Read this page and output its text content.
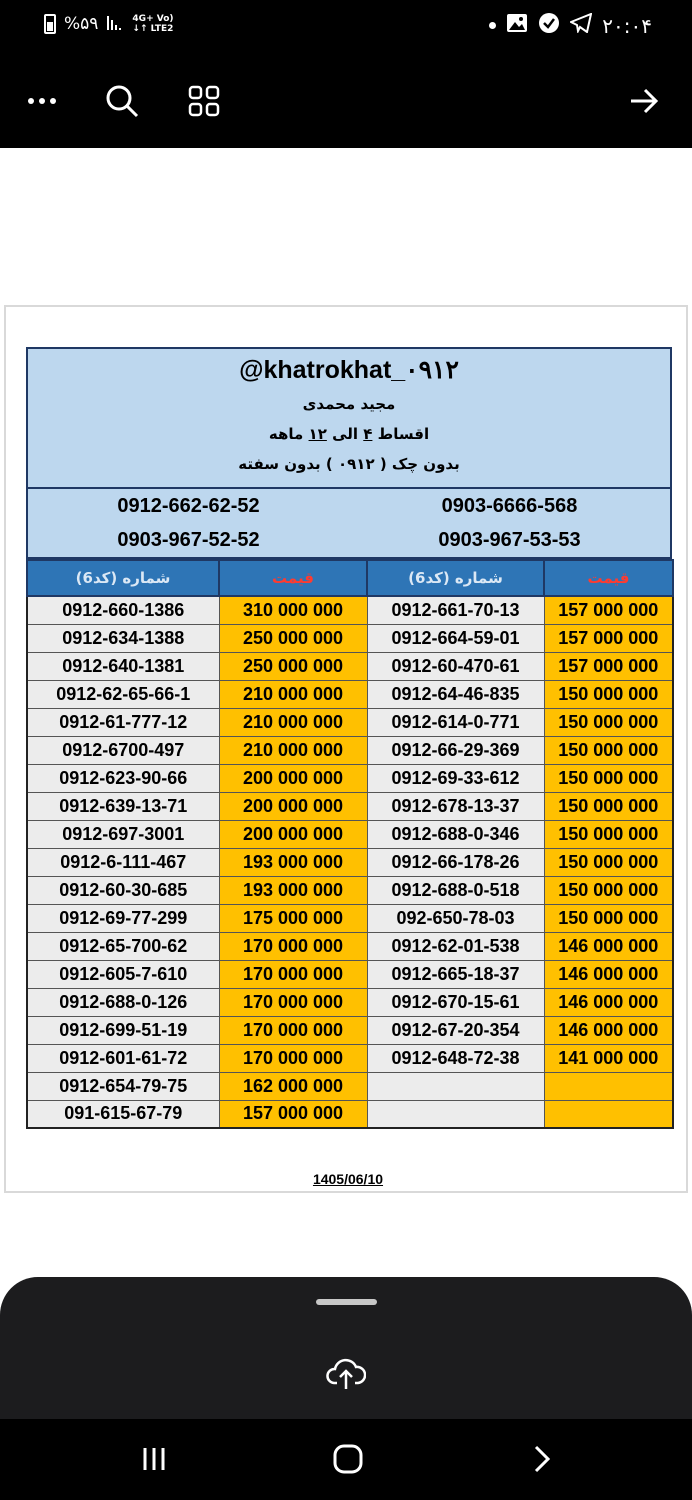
%۵۹	4G+ Vo)
↓↑ LTE2	۲۰:۰۴
@khatrokhat_۰۹۱۲
مجید محمدی
اقساط ۴ الی ۱۲ ماهه
بدون چک ( ۰۹۱۲ ) بدون سفته
0912-662-62-52	0903-6666-568
0903-967-52-52	0903-967-53-53
شماره (کد6)	قیمت	شماره (کد6)	قیمت
0912-660-1386	310 000 000	0912-661-70-13	157 000 000
0912-634-1388	250 000 000	0912-664-59-01	157 000 000
0912-640-1381	250 000 000	0912-60-470-61	157 000 000
0912-62-65-66-1	210 000 000	0912-64-46-835	150 000 000
0912-61-777-12	210 000 000	0912-614-0-771	150 000 000
0912-6700-497	210 000 000	0912-66-29-369	150 000 000
0912-623-90-66	200 000 000	0912-69-33-612	150 000 000
0912-639-13-71	200 000 000	0912-678-13-37	150 000 000
0912-697-3001	200 000 000	0912-688-0-346	150 000 000
0912-6-111-467	193 000 000	0912-66-178-26	150 000 000
0912-60-30-685	193 000 000	0912-688-0-518	150 000 000
0912-69-77-299	175 000 000	092-650-78-03	150 000 000
0912-65-700-62	170 000 000	0912-62-01-538	146 000 000
0912-605-7-610	170 000 000	0912-665-18-37	146 000 000
0912-688-0-126	170 000 000	0912-670-15-61	146 000 000
0912-699-51-19	170 000 000	0912-67-20-354	146 000 000
0912-601-61-72	170 000 000	0912-648-72-38	141 000 000
0912-654-79-75	162 000 000		
091-615-67-79	157 000 000		
1405/06/10
